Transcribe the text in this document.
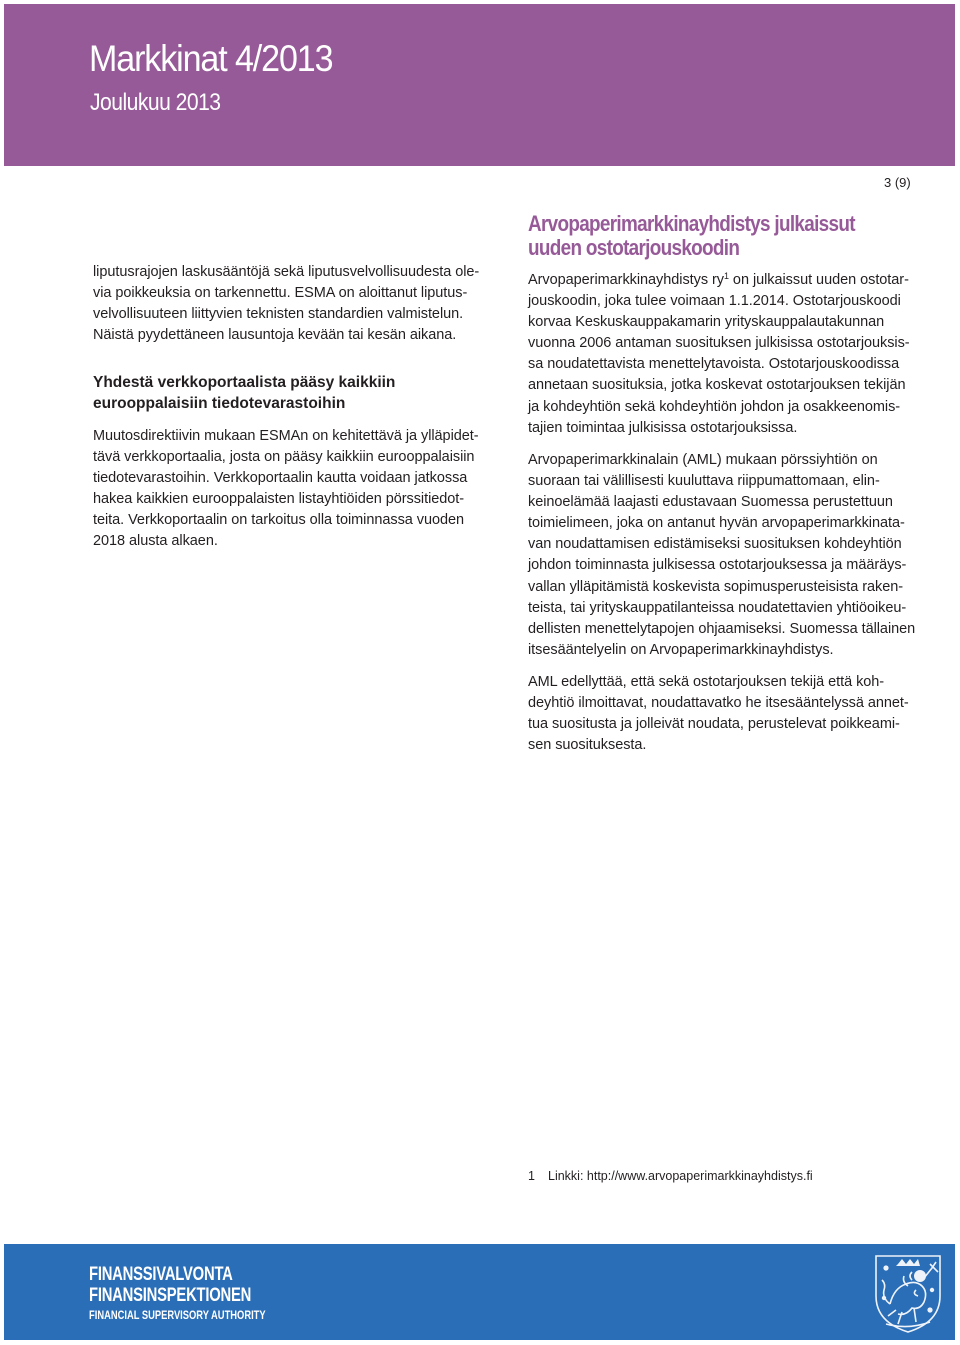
Markkinat 4/2013
Joulukuu 2013
3 (9)

liputusrajojen laskusääntöjä sekä liputusvelvollisuudesta ole-
via poikkeuksia on tarkennettu. ESMA on aloittanut liputus-
velvollisuuteen liittyvien teknisten standardien valmistelun.
Näistä pyydettäneen lausuntoja kevään tai kesän aikana.

Yhdestä verkkoportaalista pääsy kaikkiin
eurooppalaisiin tiedotevarastoihin

Muutosdirektiivin mukaan ESMAn on kehitettävä ja ylläpidet-
tävä verkkoportaalia, josta on pääsy kaikkiin eurooppalaisiin
tiedotevarastoihin. Verkkoportaalin kautta voidaan jatkossa
hakea kaikkien eurooppalaisten listayhtiöiden pörssitiedot-
teita. Verkkoportaalin on tarkoitus olla toiminnassa vuoden
2018 alusta alkaen.

Arvopaperimarkkinayhdistys julkaissut
uuden ostotarjouskoodin

Arvopaperimarkkinayhdistys $ry^1$ on julkaissut uuden ostotar-
jouskoodin, joka tulee voimaan 1.1.2014. Ostotarjouskoodi
korvaa Keskuskauppakamarin yrityskauppalautakunnan
vuonna 2006 antaman suosituksen julkisissa ostotarjouksis-
sa noudatettavista menettelytavoista. Ostotarjouskoodissa
annetaan suosituksia, jotka koskevat ostotarjouksen tekijän
ja kohdeyhtiön sekä kohdeyhtiön johdon ja osakkeenomis-
tajien toimintaa julkisissa ostotarjouksissa.

Arvopaperimarkkinalain (AML) mukaan pörssiyhtiön on
suoraan tai välillisesti kuuluttava riippumattomaan, elin-
keinoelämää laajasti edustavaan Suomessa perustettuun
toimielimeen, joka on antanut hyvän arvopaperimarkkinata-
van noudattamisen edistämiseksi suosituksen kohdeyhtiön
johdon toiminnasta julkisessa ostotarjouksessa ja määräys-
vallan ylläpitämistä koskevista sopimusperusteisista raken-
teista, tai yrityskauppatilanteissa noudatettavien yhtiöoikeu-
dellisten menettelytapojen ohjaamiseksi. Suomessa tällainen
itsesääntelyelin on Arvopaperimarkkinayhdistys.

AML edellyttää, että sekä ostotarjouksen tekijä että koh-
deyhtiö ilmoittavat, noudattavatko he itsesääntelyssä annet-
tua suositusta ja jolleivät noudata, perustelevat poikkeami-
sen suosituksesta.

1 Linkki: http://www.arvopaperimarkkinayhdistys.fi
FINANSSIVALVONTA
FINANSINSPEKTIONEN
FINANCIAL SUPERVISORY AUTHORITY
